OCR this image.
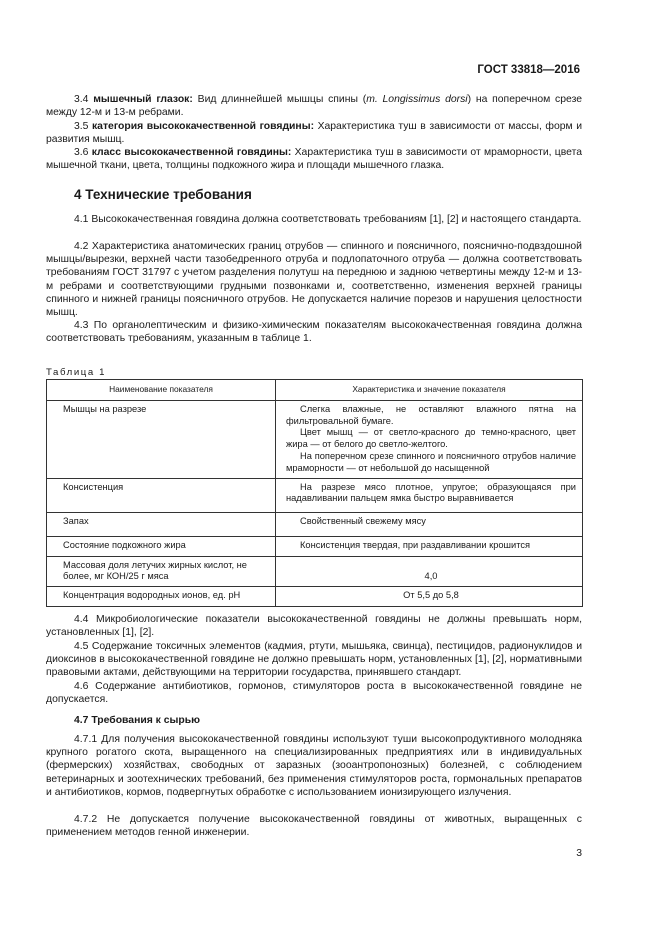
ГОСТ 33818—2016

3.4 мышечный глазок: Вид длиннейшей мышцы спины (m. Longissimus dorsi) на поперечном срезе между 12-м и 13-м ребрами.

3.5 категория высококачественной говядины: Характеристика туш в зависимости от массы, форм и развития мышц.

3.6 класс высококачественной говядины: Характеристика туш в зависимости от мраморности, цвета мышечной ткани, цвета, толщины подкожного жира и площади мышечного глазка.

4 Технические требования

4.1 Высококачественная говядина должна соответствовать требованиям [1], [2] и настоящего стандарта.

4.2 Характеристика анатомических границ отрубов — спинного и поясничного, пояснично-подвздошной мышцы/вырезки, верхней части тазобедренного отруба и подлопаточного отруба — должна соответствовать требованиям ГОСТ 31797 с учетом разделения полутуш на переднюю и заднюю четвертины между 12-м и 13-м ребрами и соответствующими грудными позвонками и, соответственно, изменения верхней границы спинного и нижней границы поясничного отрубов. Не допускается наличие порезов и нарушения целостности мышц.

4.3 По органолептическим и физико-химическим показателям высококачественная говядина должна соответствовать требованиям, указанным в таблице 1.

Таблица 1
Наименование показателя	Характеристика и значение показателя
Мышцы на разрезе	Слегка влажные, не оставляют влажного пятна на фильтровальной бумаге.
Цвет мышц — от светло-красного до темно-красного, цвет жира — от белого до светло-желтого.
На поперечном срезе спинного и поясничного отрубов наличие мраморности — от небольшой до насыщенной

Консистенция	На разрезе мясо плотное, упругое; образующаяся при надавливании пальцем ямка быстро выравнивается
Запах	Свойственный свежему мясу
Состояние подкожного жира	Консистенция твердая, при раздавливании крошится
Массовая доля летучих жирных кислот, не более, мг КОН/25 г мяса	4,0
Концентрация водородных ионов, ед. рН	От 5,5 до 5,8

4.4 Микробиологические показатели высококачественной говядины не должны превышать норм, установленных [1], [2].

4.5 Содержание токсичных элементов (кадмия, ртути, мышьяка, свинца), пестицидов, радионуклидов и диоксинов в высококачественной говядине не должно превышать норм, установленных [1], [2], нормативными правовыми актами, действующими на территории государства, принявшего стандарт.

4.6 Содержание антибиотиков, гормонов, стимуляторов роста в высококачественной говядине не допускается.

4.7 Требования к сырью

4.7.1 Для получения высококачественной говядины используют туши высокопродуктивного молодняка крупного рогатого скота, выращенного на специализированных предприятиях или в индивидуальных (фермерских) хозяйствах, свободных от заразных (зооантропонозных) болезней, с соблюдением ветеринарных и зоотехнических требований, без применения стимуляторов роста, гормональных препаратов и антибиотиков, кормов, подвергнутых обработке с использованием ионизирующего излучения.

4.7.2 Не допускается получение высококачественной говядины от животных, выращенных с применением методов генной инженерии.

3
